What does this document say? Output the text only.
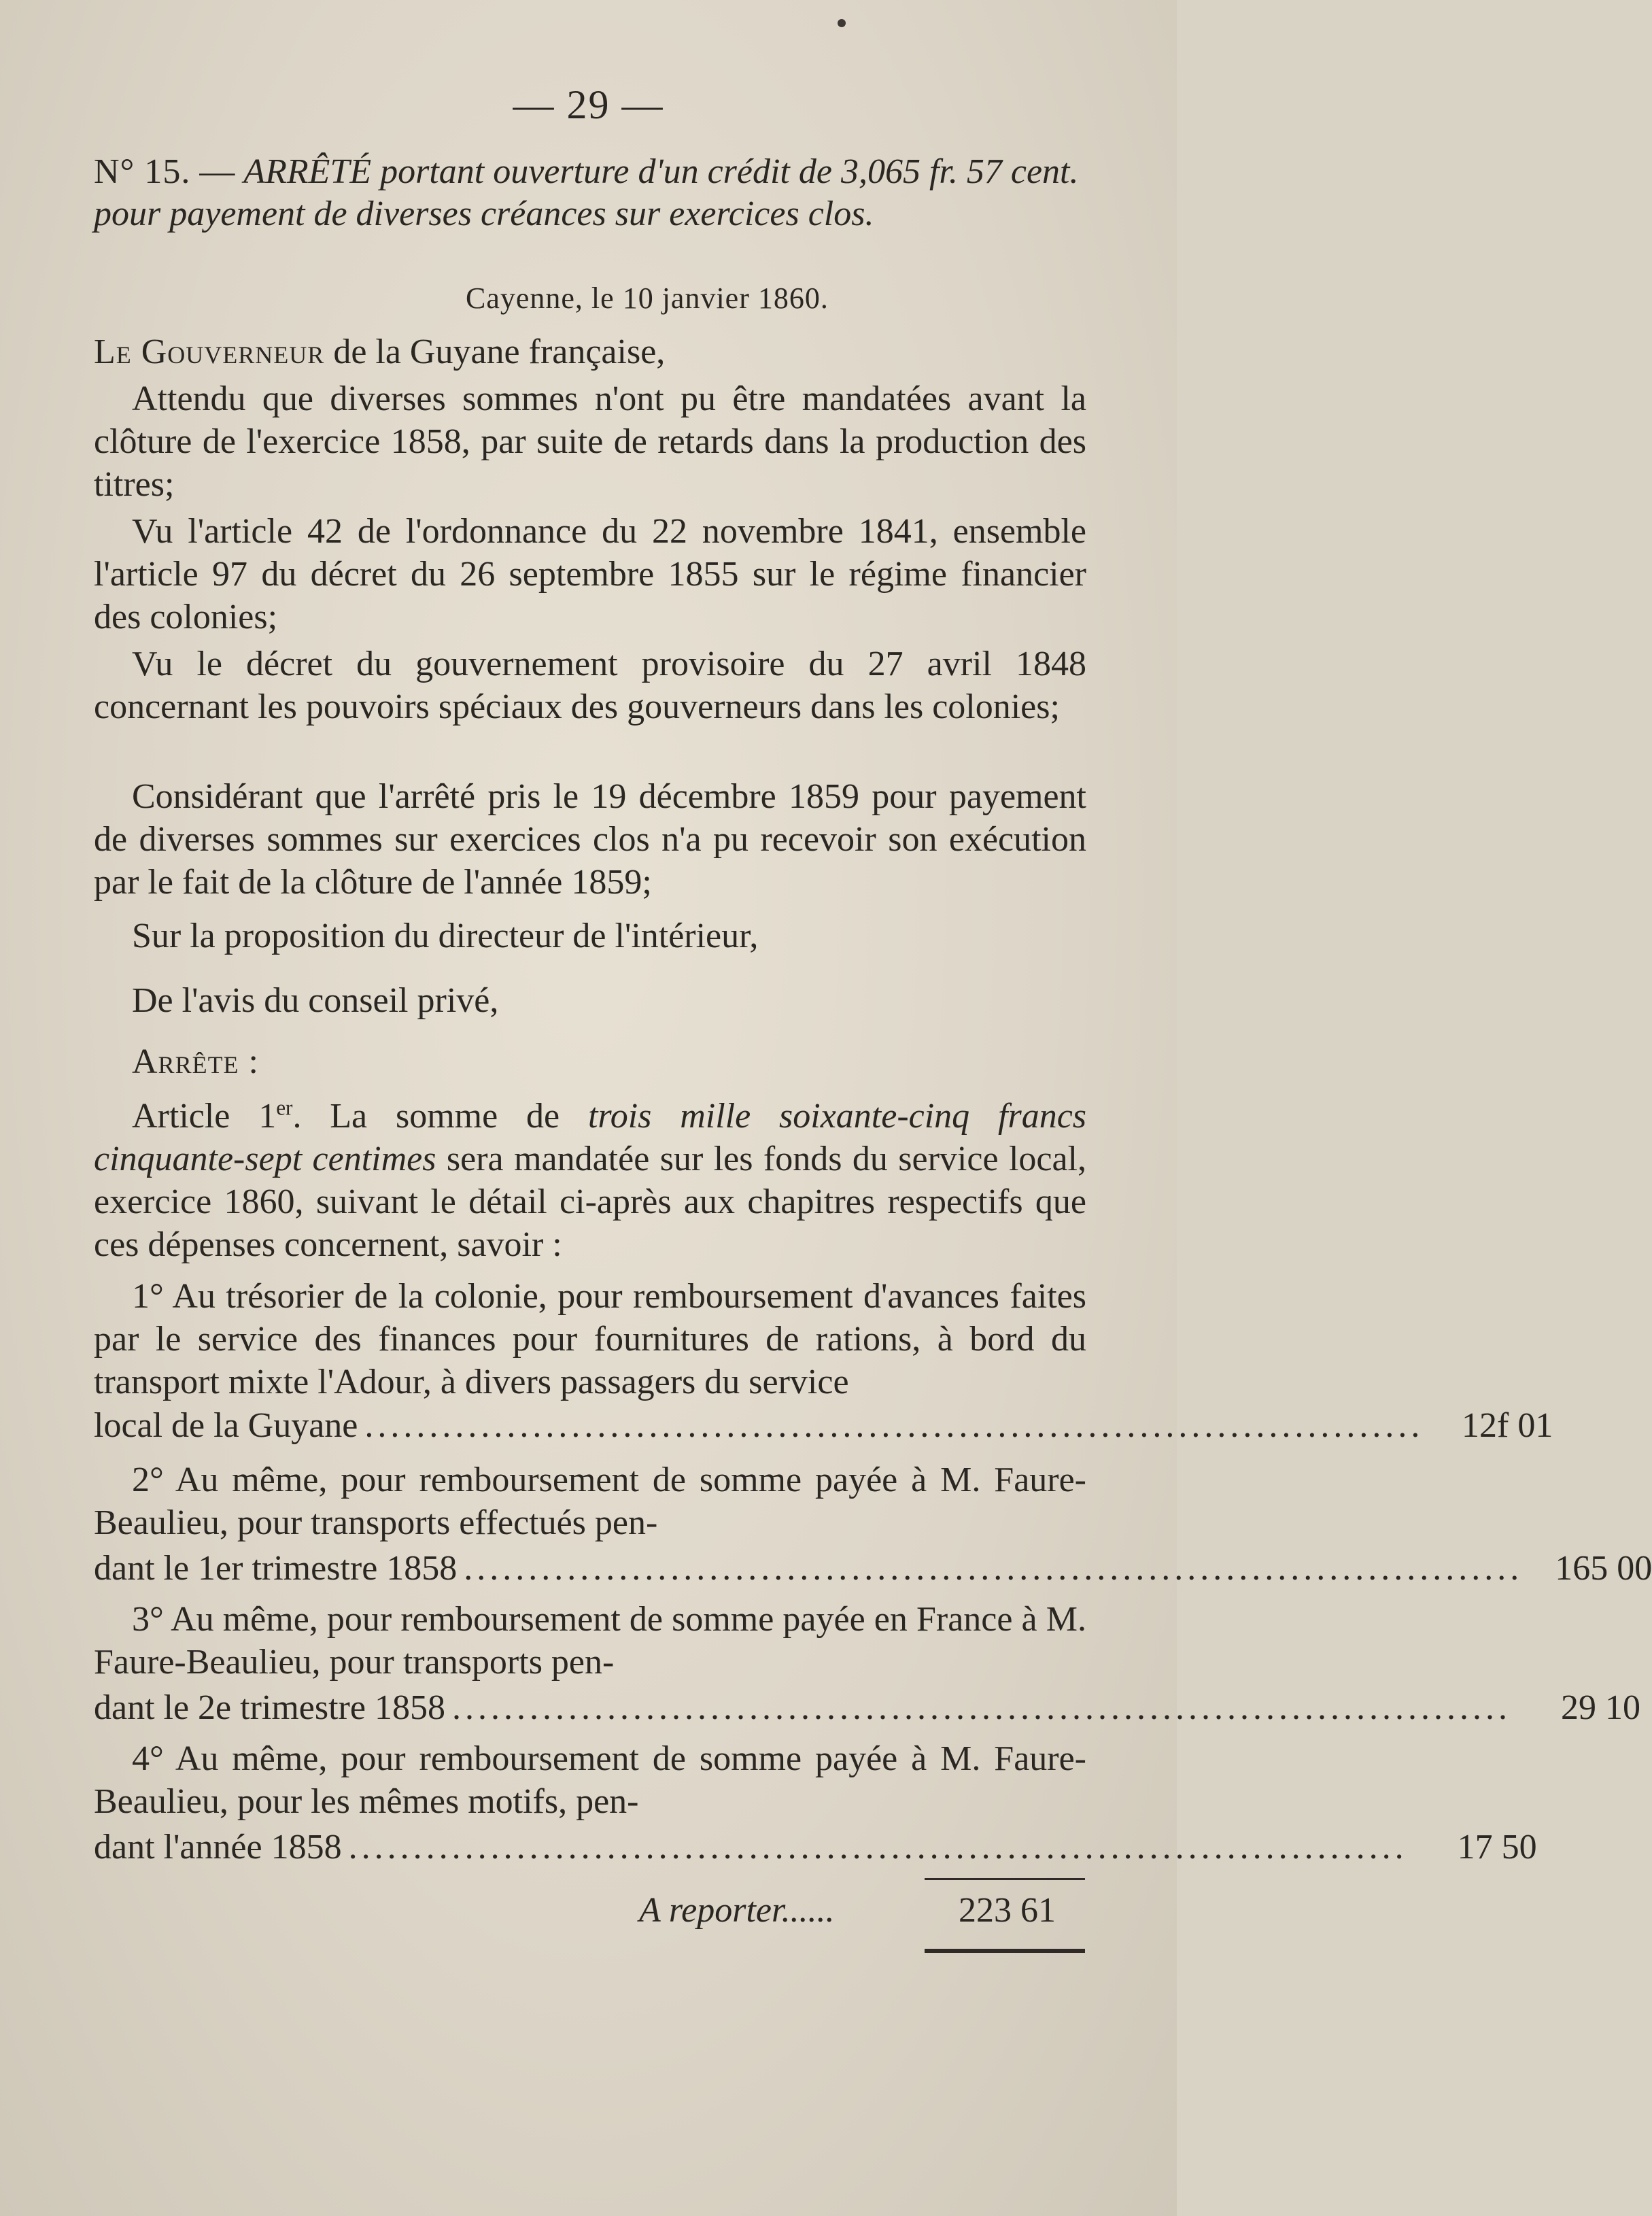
— 29 —
N° 15. — ARRÊTÉ portant ouverture d'un crédit de 3,065 fr. 57 cent. pour payement de diverses créances sur exercices clos.
Cayenne, le 10 janvier 1860.
Le Gouverneur de la Guyane française,
Attendu que diverses sommes n'ont pu être mandatées avant la clôture de l'exercice 1858, par suite de retards dans la production des titres;
Vu l'article 42 de l'ordonnance du 22 novembre 1841, ensemble l'article 97 du décret du 26 septembre 1855 sur le régime financier des colonies;
Vu le décret du gouvernement provisoire du 27 avril 1848 concernant les pouvoirs spéciaux des gouverneurs dans les colonies;
Considérant que l'arrêté pris le 19 décembre 1859 pour payement de diverses sommes sur exercices clos n'a pu recevoir son exécution par le fait de la clôture de l'année 1859;
Sur la proposition du directeur de l'intérieur,
De l'avis du conseil privé,
Arrête :
Article 1er. La somme de trois mille soixante-cinq francs cinquante-sept centimes sera mandatée sur les fonds du service local, exercice 1860, suivant le détail ci-après aux chapitres respectifs que ces dépenses concernent, savoir :
1° Au trésorier de la colonie, pour remboursement d'avances faites par le service des finances pour fournitures de rations, à bord du transport mixte l'Adour, à divers passagers du service
local de la Guyane ..................................................................................	12f 01
2° Au même, pour remboursement de somme payée à M. Faure-Beaulieu, pour transports effectués pen-
dant le 1er trimestre 1858 .................................................................................. 165 00
3° Au même, pour remboursement de somme payée en France à M. Faure-Beaulieu, pour transports pen-
dant le 2e trimestre 1858 ..................................................................................	29 10
4° Au même, pour remboursement de somme payée à M. Faure-Beaulieu, pour les mêmes motifs, pen-
dant l'année 1858 ..................................................................................	17 50
A reporter......	223 61
